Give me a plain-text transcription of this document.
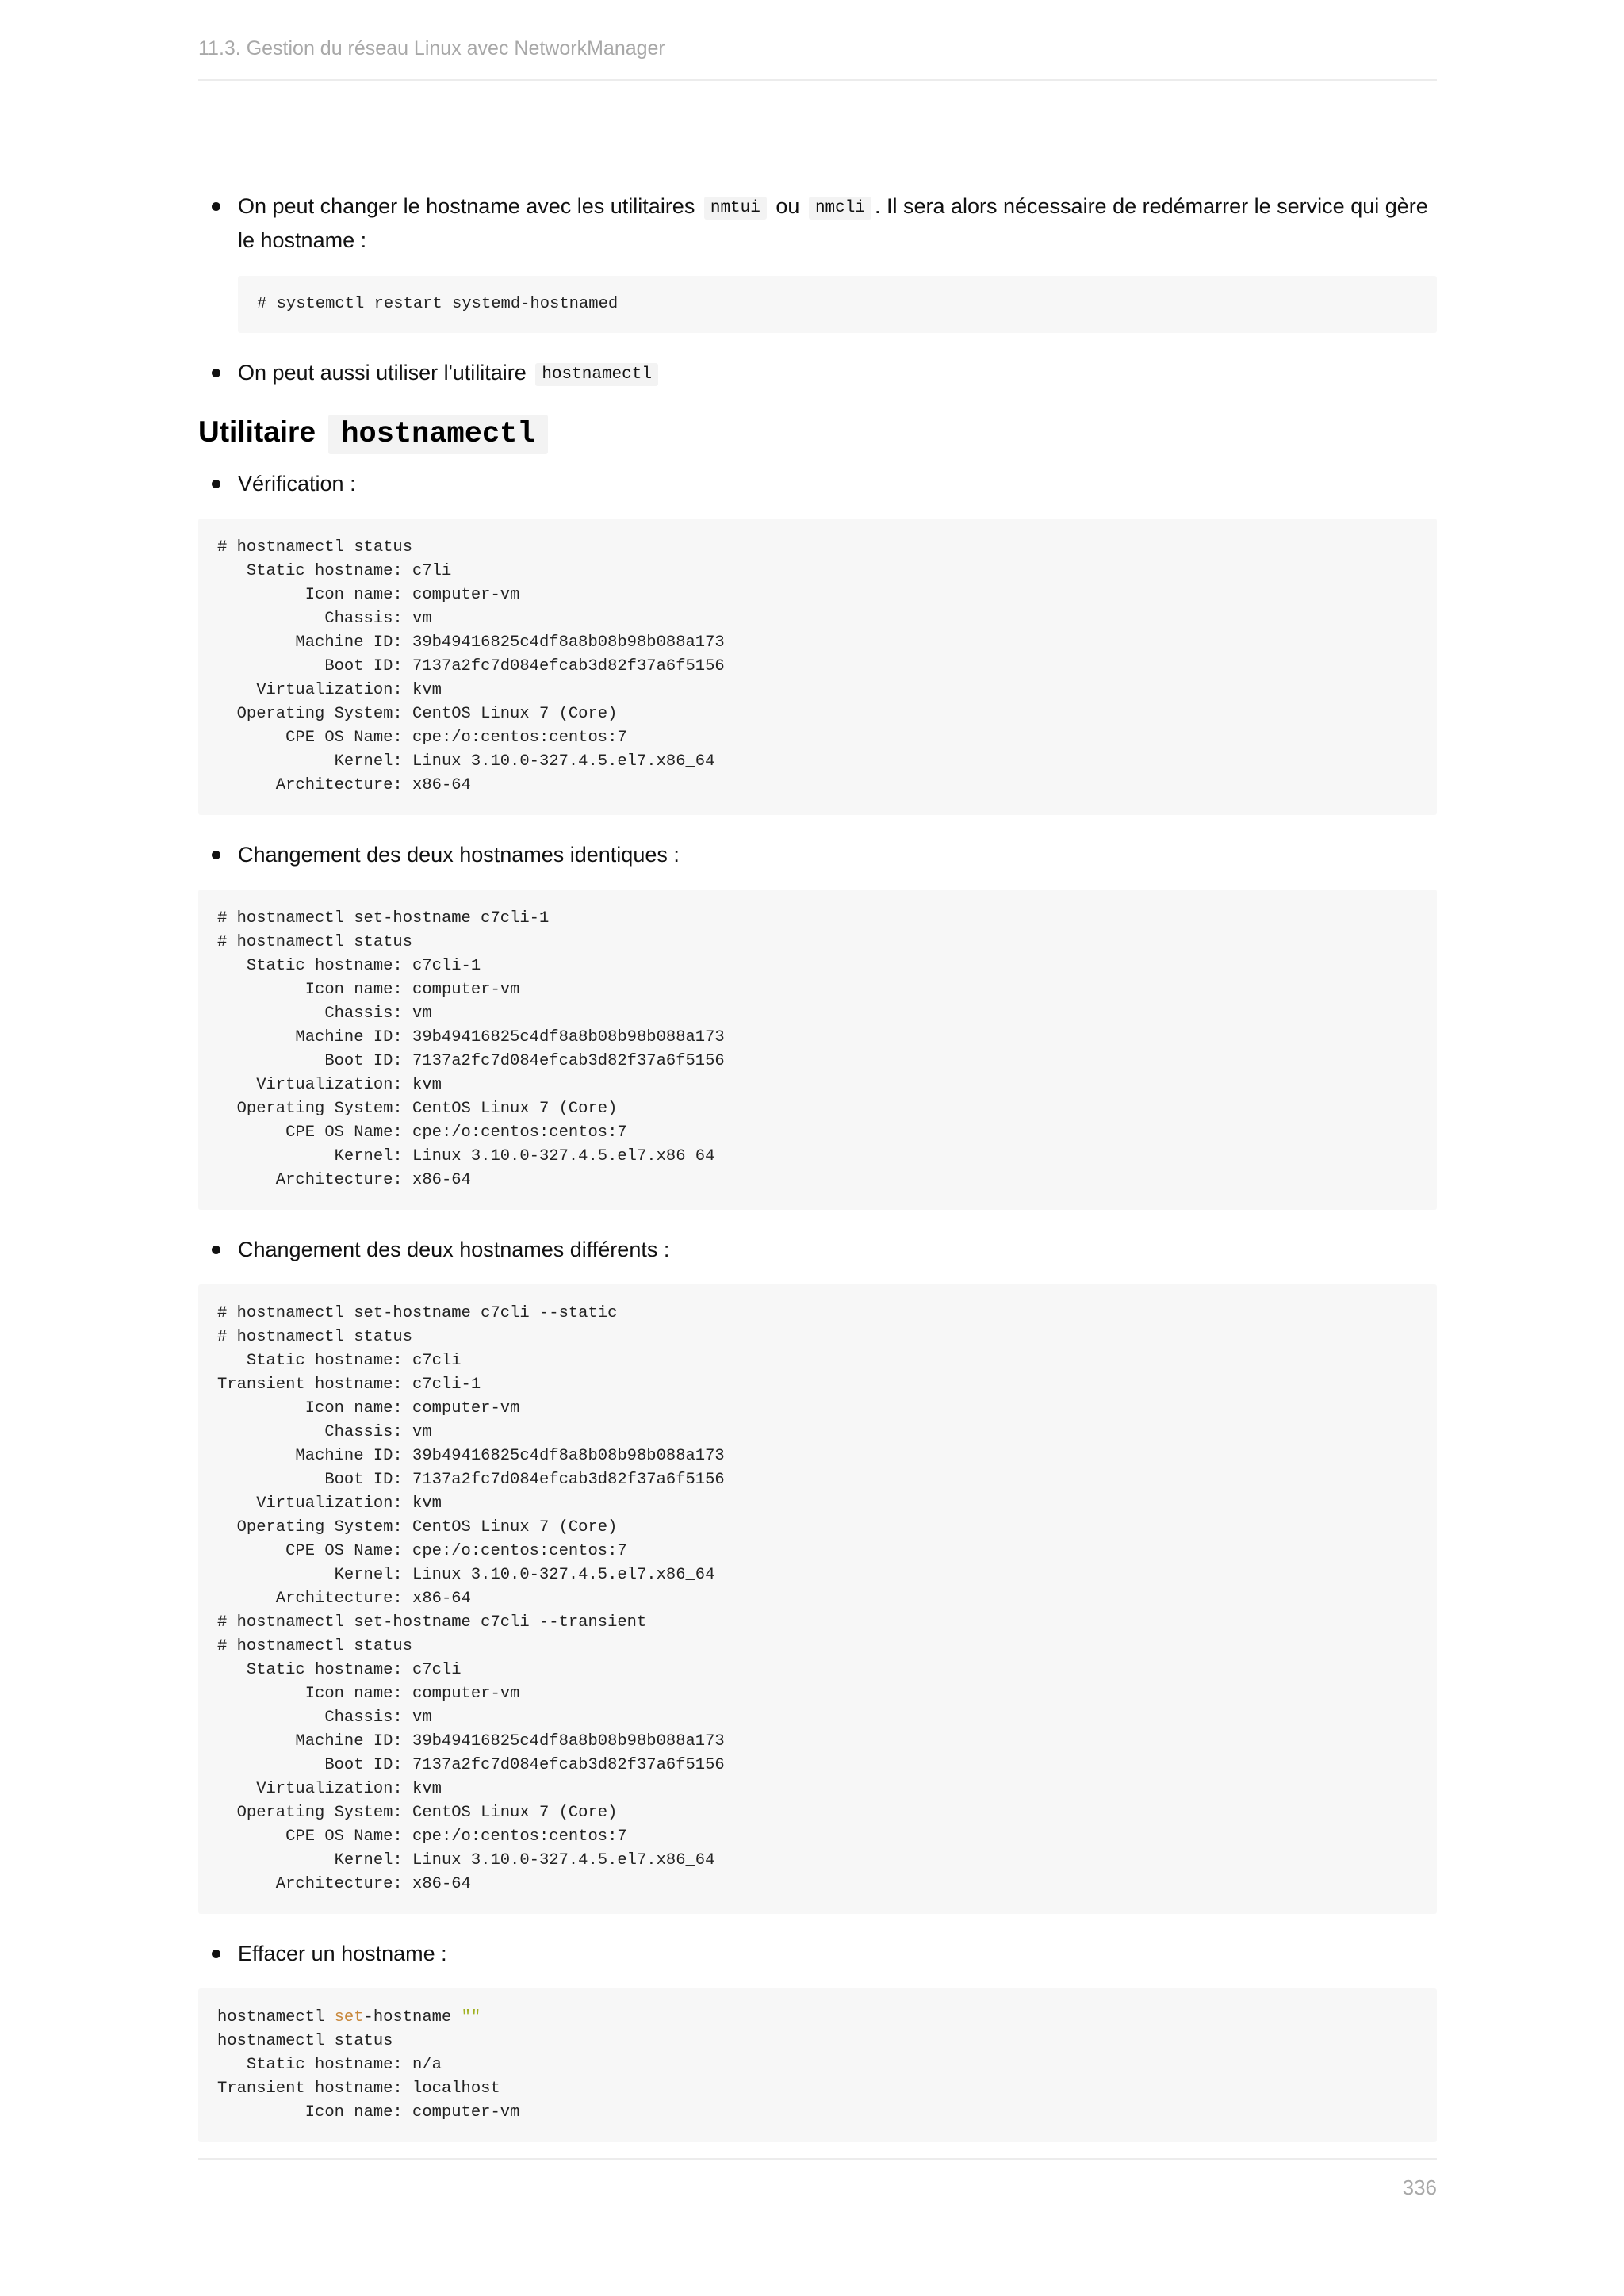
11.3. Gestion du réseau Linux avec NetworkManager
On peut changer le hostname avec les utilitaires nmtui ou nmcli . Il sera alors nécessaire de redémarrer le service qui gère le hostname :
# systemctl restart systemd-hostnamed
On peut aussi utiliser l'utilitaire hostnamectl
Utilitaire hostnamectl
Vérification :
# hostnamectl status
Static hostname: c7li
Icon name: computer-vm
Chassis: vm
Machine ID: 39b49416825c4df8a8b08b98b088a173
Boot ID: 7137a2fc7d084efcab3d82f37a6f5156
Virtualization: kvm
Operating System: CentOS Linux 7 (Core)
CPE OS Name: cpe:/o:centos:centos:7
Kernel: Linux 3.10.0-327.4.5.el7.x86_64
Architecture: x86-64
Changement des deux hostnames identiques :
# hostnamectl set-hostname c7cli-1
# hostnamectl status
Static hostname: c7cli-1
Icon name: computer-vm
Chassis: vm
Machine ID: 39b49416825c4df8a8b08b98b088a173
Boot ID: 7137a2fc7d084efcab3d82f37a6f5156
Virtualization: kvm
Operating System: CentOS Linux 7 (Core)
CPE OS Name: cpe:/o:centos:centos:7
Kernel: Linux 3.10.0-327.4.5.el7.x86_64
Architecture: x86-64
Changement des deux hostnames différents :
# hostnamectl set-hostname c7cli --static
# hostnamectl status
Static hostname: c7cli
Transient hostname: c7cli-1
Icon name: computer-vm
Chassis: vm
Machine ID: 39b49416825c4df8a8b08b98b088a173
Boot ID: 7137a2fc7d084efcab3d82f37a6f5156
Virtualization: kvm
Operating System: CentOS Linux 7 (Core)
CPE OS Name: cpe:/o:centos:centos:7
Kernel: Linux 3.10.0-327.4.5.el7.x86_64
Architecture: x86-64
# hostnamectl set-hostname c7cli --transient
# hostnamectl status
Static hostname: c7cli
Icon name: computer-vm
Chassis: vm
Machine ID: 39b49416825c4df8a8b08b98b088a173
Boot ID: 7137a2fc7d084efcab3d82f37a6f5156
Virtualization: kvm
Operating System: CentOS Linux 7 (Core)
CPE OS Name: cpe:/o:centos:centos:7
Kernel: Linux 3.10.0-327.4.5.el7.x86_64
Architecture: x86-64
Effacer un hostname :
hostnamectl set-hostname ""
hostnamectl status
Static hostname: n/a
Transient hostname: localhost
Icon name: computer-vm
336
